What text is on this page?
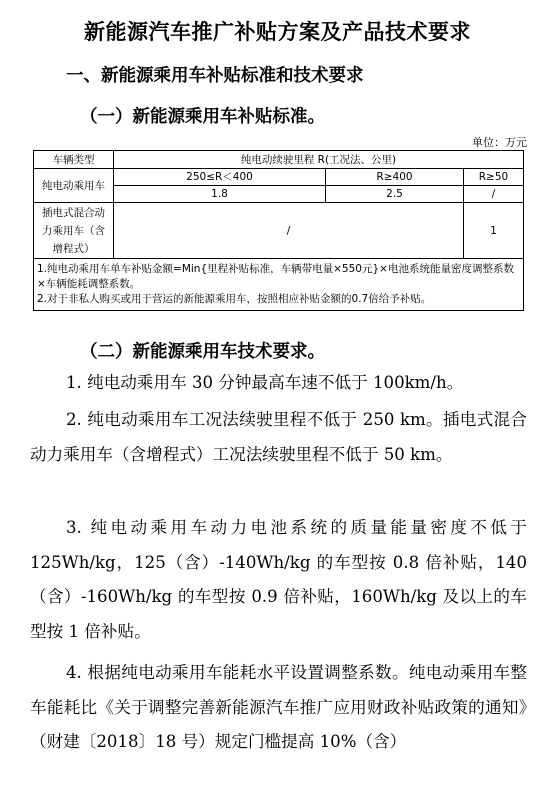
新能源汽车推广补贴方案及产品技术要求
一、新能源乘用车补贴标准和技术要求
（一）新能源乘用车补贴标准。
单位：万元
车辆类型	纯电动续驶里程 R(工况法、公里)		
纯电动乘用车	250≤R＜400	R≥400	R≥50
	1.8	2.5	/
插电式混合动力乘用车（含增程式）	/		1

1.纯电动乘用车单车补贴金额=Min{里程补贴标准，车辆带电量×550元}×电池系统能量密度调整系数×车辆能耗调整系数。
2.对于非私人购买或用于营运的新能源乘用车，按照相应补贴金额的0.7倍给予补贴。			
（二）新能源乘用车技术要求。
1. 纯电动乘用车 30 分钟最高车速不低于 100km/h。
2. 纯电动乘用车工况法续驶里程不低于 250 km。插电式混合动力乘用车（含增程式）工况法续驶里程不低于 50 km。
3. 纯电动乘用车动力电池系统的质量能量密度不低于 125Wh/kg，125（含）-140Wh/kg 的车型按 0.8 倍补贴，140（含）-160Wh/kg 的车型按 0.9 倍补贴，160Wh/kg 及以上的车型按 1 倍补贴。
4. 根据纯电动乘用车能耗水平设置调整系数。纯电动乘用车整车能耗比《关于调整完善新能源汽车推广应用财政补贴政策的通知》（财建〔2018〕18 号）规定门槛提高 10%（含）
